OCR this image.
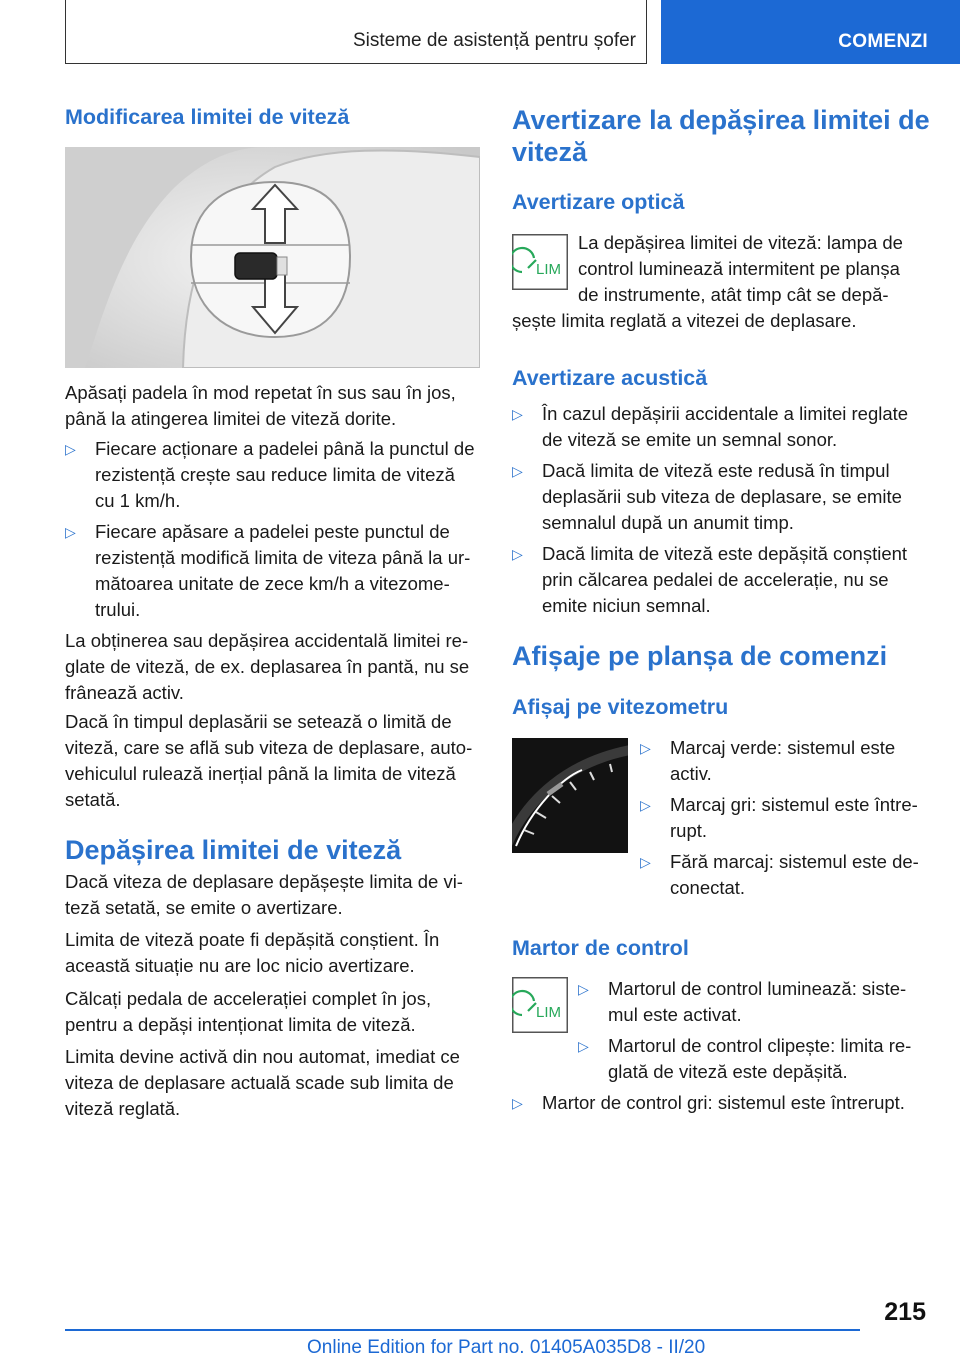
Sisteme de asistență pentru șofer	COMENZI
Modificarea limitei de viteză

Apăsați padela în mod repetat în sus sau în jos,
până la atingerea limitei de viteză dorite.

▷ Fiecare acționare a padelei până la punctul de
rezistență crește sau reduce limita de viteză
cu 1 km/h.
▷ Fiecare apăsare a padelei peste punctul de
rezistență modifică limita de viteza până la ur‐
mătoarea unitate de zece km/h a vitezome‐
trului.

La obținerea sau depășirea accidentală limitei re‐
glate de viteză, de ex. deplasarea în pantă, nu se
frânează activ.

Dacă în timpul deplasării se setează o limită de
viteză, care se află sub viteza de deplasare, auto‐
vehiculul rulează inerțial până la limita de viteză
setată.

Depășirea limitei de viteză

Dacă viteza de deplasare depășește limita de vi‐
teză setată, se emite o avertizare.

Limita de viteză poate fi depășită conștient. În
această situație nu are loc nicio avertizare.

Călcați pedala de accelerației complet în jos,
pentru a depăși intenționat limita de viteză.

Limita devine activă din nou automat, imediat ce
viteza de deplasare actuală scade sub limita de
viteză reglată.

Avertizare la depășirea limitei de
viteză
Avertizare optică
LIM

La depășirea limitei de viteză: lampa de
control luminează intermitent pe planșa
de instrumente, atât timp cât se depă‐

șește limita reglată a vitezei de deplasare.

Avertizare acustică
▷ În cazul depășirii accidentale a limitei reglate
de viteză se emite un semnal sonor.
▷ Dacă limita de viteză este redusă în timpul
deplasării sub viteza de deplasare, se emite
semnalul după un anumit timp.
▷ Dacă limita de viteză este depășită conștient
prin călcarea pedalei de accelerație, nu se
emite niciun semnal.
Afișaje pe planșa de comenzi
Afișaj pe vitezometru
▷ Marcaj verde: sistemul este
activ.
▷ Marcaj gri: sistemul este între‐
rupt.
▷ Fără marcaj: sistemul este de‐
conectat.
Martor de control
LIM
▷ Martorul de control luminează: siste‐
mul este activat.
▷ Martorul de control clipește: limita re‐
glată de viteză este depășită.
▷ Martor de control gri: sistemul este întrerupt.
215
Online Edition for Part no. 01405A035D8 - II/20
